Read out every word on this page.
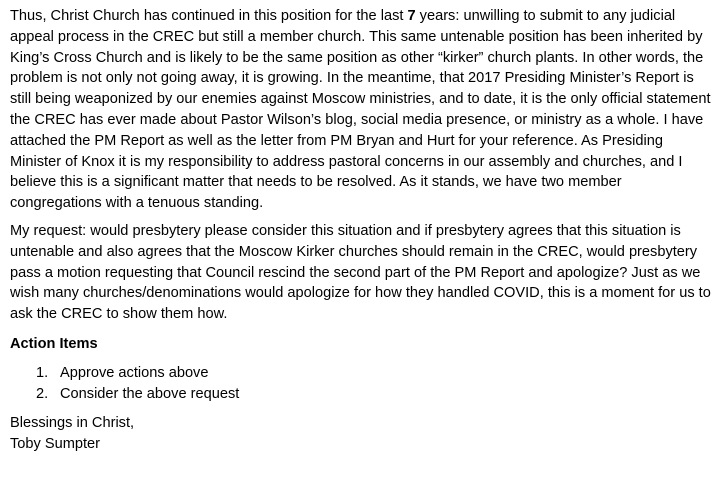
Thus, Christ Church has continued in this position for the last 7 years: unwilling to submit to any judicial appeal process in the CREC but still a member church. This same untenable position has been inherited by King’s Cross Church and is likely to be the same position as other “kirker” church plants. In other words, the problem is not only not going away, it is growing. In the meantime, that 2017 Presiding Minister’s Report is still being weaponized by our enemies against Moscow ministries, and to date, it is the only official statement the CREC has ever made about Pastor Wilson’s blog, social media presence, or ministry as a whole. I have attached the PM Report as well as the letter from PM Bryan and Hurt for your reference. As Presiding Minister of Knox it is my responsibility to address pastoral concerns in our assembly and churches, and I believe this is a significant matter that needs to be resolved. As it stands, we have two member congregations with a tenuous standing.

My request: would presbytery please consider this situation and if presbytery agrees that this situation is untenable and also agrees that the Moscow Kirker churches should remain in the CREC, would presbytery pass a motion requesting that Council rescind the second part of the PM Report and apologize? Just as we wish many churches/denominations would apologize for how they handled COVID, this is a moment for us to ask the CREC to show them how.

Action Items
1. Approve actions above
2. Consider the above request
Blessings in Christ,
Toby Sumpter
